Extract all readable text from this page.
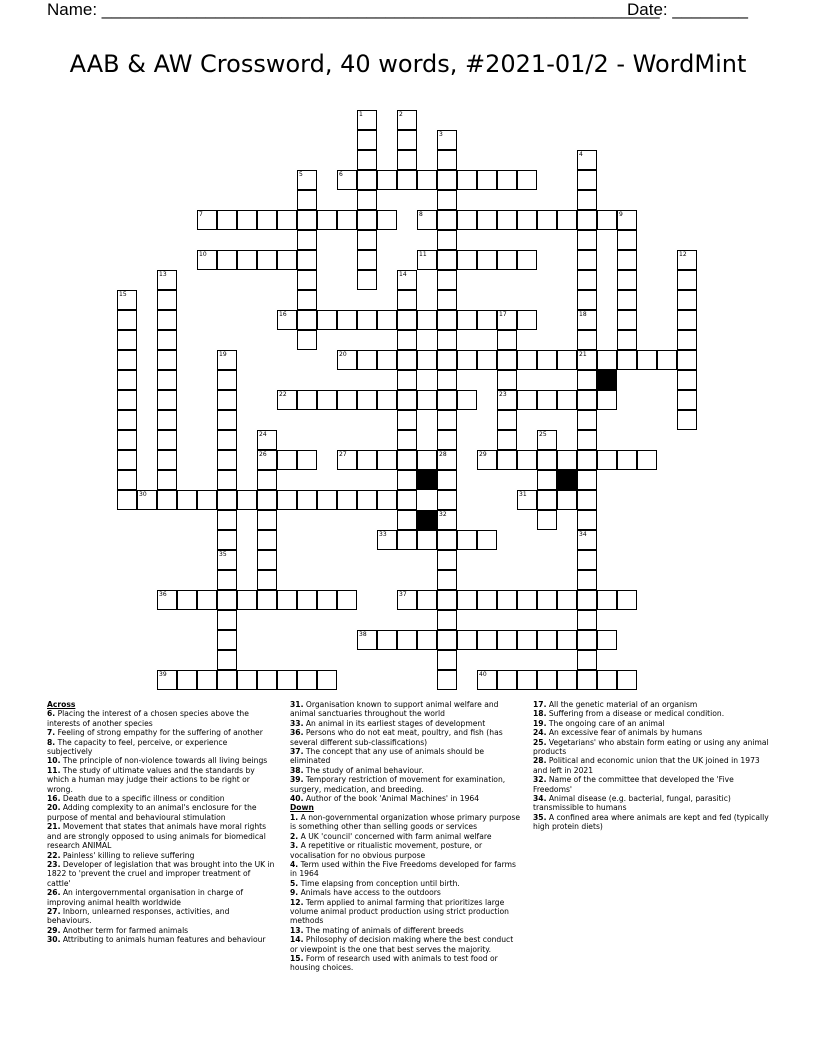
Name: ___________________________________________________________
Date: ________
AAB & AW Crossword, 40 words, #2021-01/2 - WordMint
6
7	8
10	11
16	17
20	21
22	23
26	27	28	29
30	31
33
36	37
38
39	40
1	2
3
32
4
18
34
5
9
12
13	14
15
19
35
24	25
Across
6. Placing the interest of a chosen species above the interests of another species
7. Feeling of strong empathy for the suffering of another
8. The capacity to feel, perceive, or experience subjectively
10. The principle of non-violence towards all living beings
11. The study of ultimate values and the standards by which a human may judge their actions to be right or wrong.
16. Death due to a specific illness or condition
20. Adding complexity to an animal's enclosure for the purpose of mental and behavioural stimulation
21. Movement that states that animals have moral rights and are strongly opposed to using animals for biomedical research ANIMAL
22. Painless' killing to relieve suffering
23. Developer of legislation that was brought into the UK in 1822 to 'prevent the cruel and improper treatment of cattle'
26. An intergovernmental organisation in charge of improving animal health worldwide
27. Inborn, unlearned responses, activities, and behaviours.
29. Another term for farmed animals
30. Attributing to animals human features and behaviour
31. Organisation known to support animal welfare and animal sanctuaries throughout the world
33. An animal in its earliest stages of development
36. Persons who do not eat meat, poultry, and fish (has several different sub-classifications)
37. The concept that any use of animals should be eliminated
38. The study of animal behaviour.
39. Temporary restriction of movement for examination, surgery, medication, and breeding.
40. Author of the book 'Animal Machines' in 1964
Down
1. A non-governmental organization whose primary purpose is something other than selling goods or services
2. A UK 'council' concerned with farm animal welfare
3. A repetitive or ritualistic movement, posture, or vocalisation for no obvious purpose
4. Term used within the Five Freedoms developed for farms in 1964
5. Time elapsing from conception until birth.
9. Animals have access to the outdoors
12. Term applied to animal farming that prioritizes large volume animal product production using strict production methods
13. The mating of animals of different breeds
14. Philosophy of decision making where the best conduct or viewpoint is the one that best serves the majority.
15. Form of research used with animals to test food or housing choices.
17. All the genetic material of an organism
18. Suffering from a disease or medical condition.
19. The ongoing care of an animal
24. An excessive fear of animals by humans
25. Vegetarians' who abstain form eating or using any animal products
28. Political and economic union that the UK joined in 1973 and left in 2021
32. Name of the committee that developed the 'Five Freedoms'
34. Animal disease (e.g. bacterial, fungal, parasitic) transmissible to humans
35. A confined area where animals are kept and fed (typically high protein diets)
